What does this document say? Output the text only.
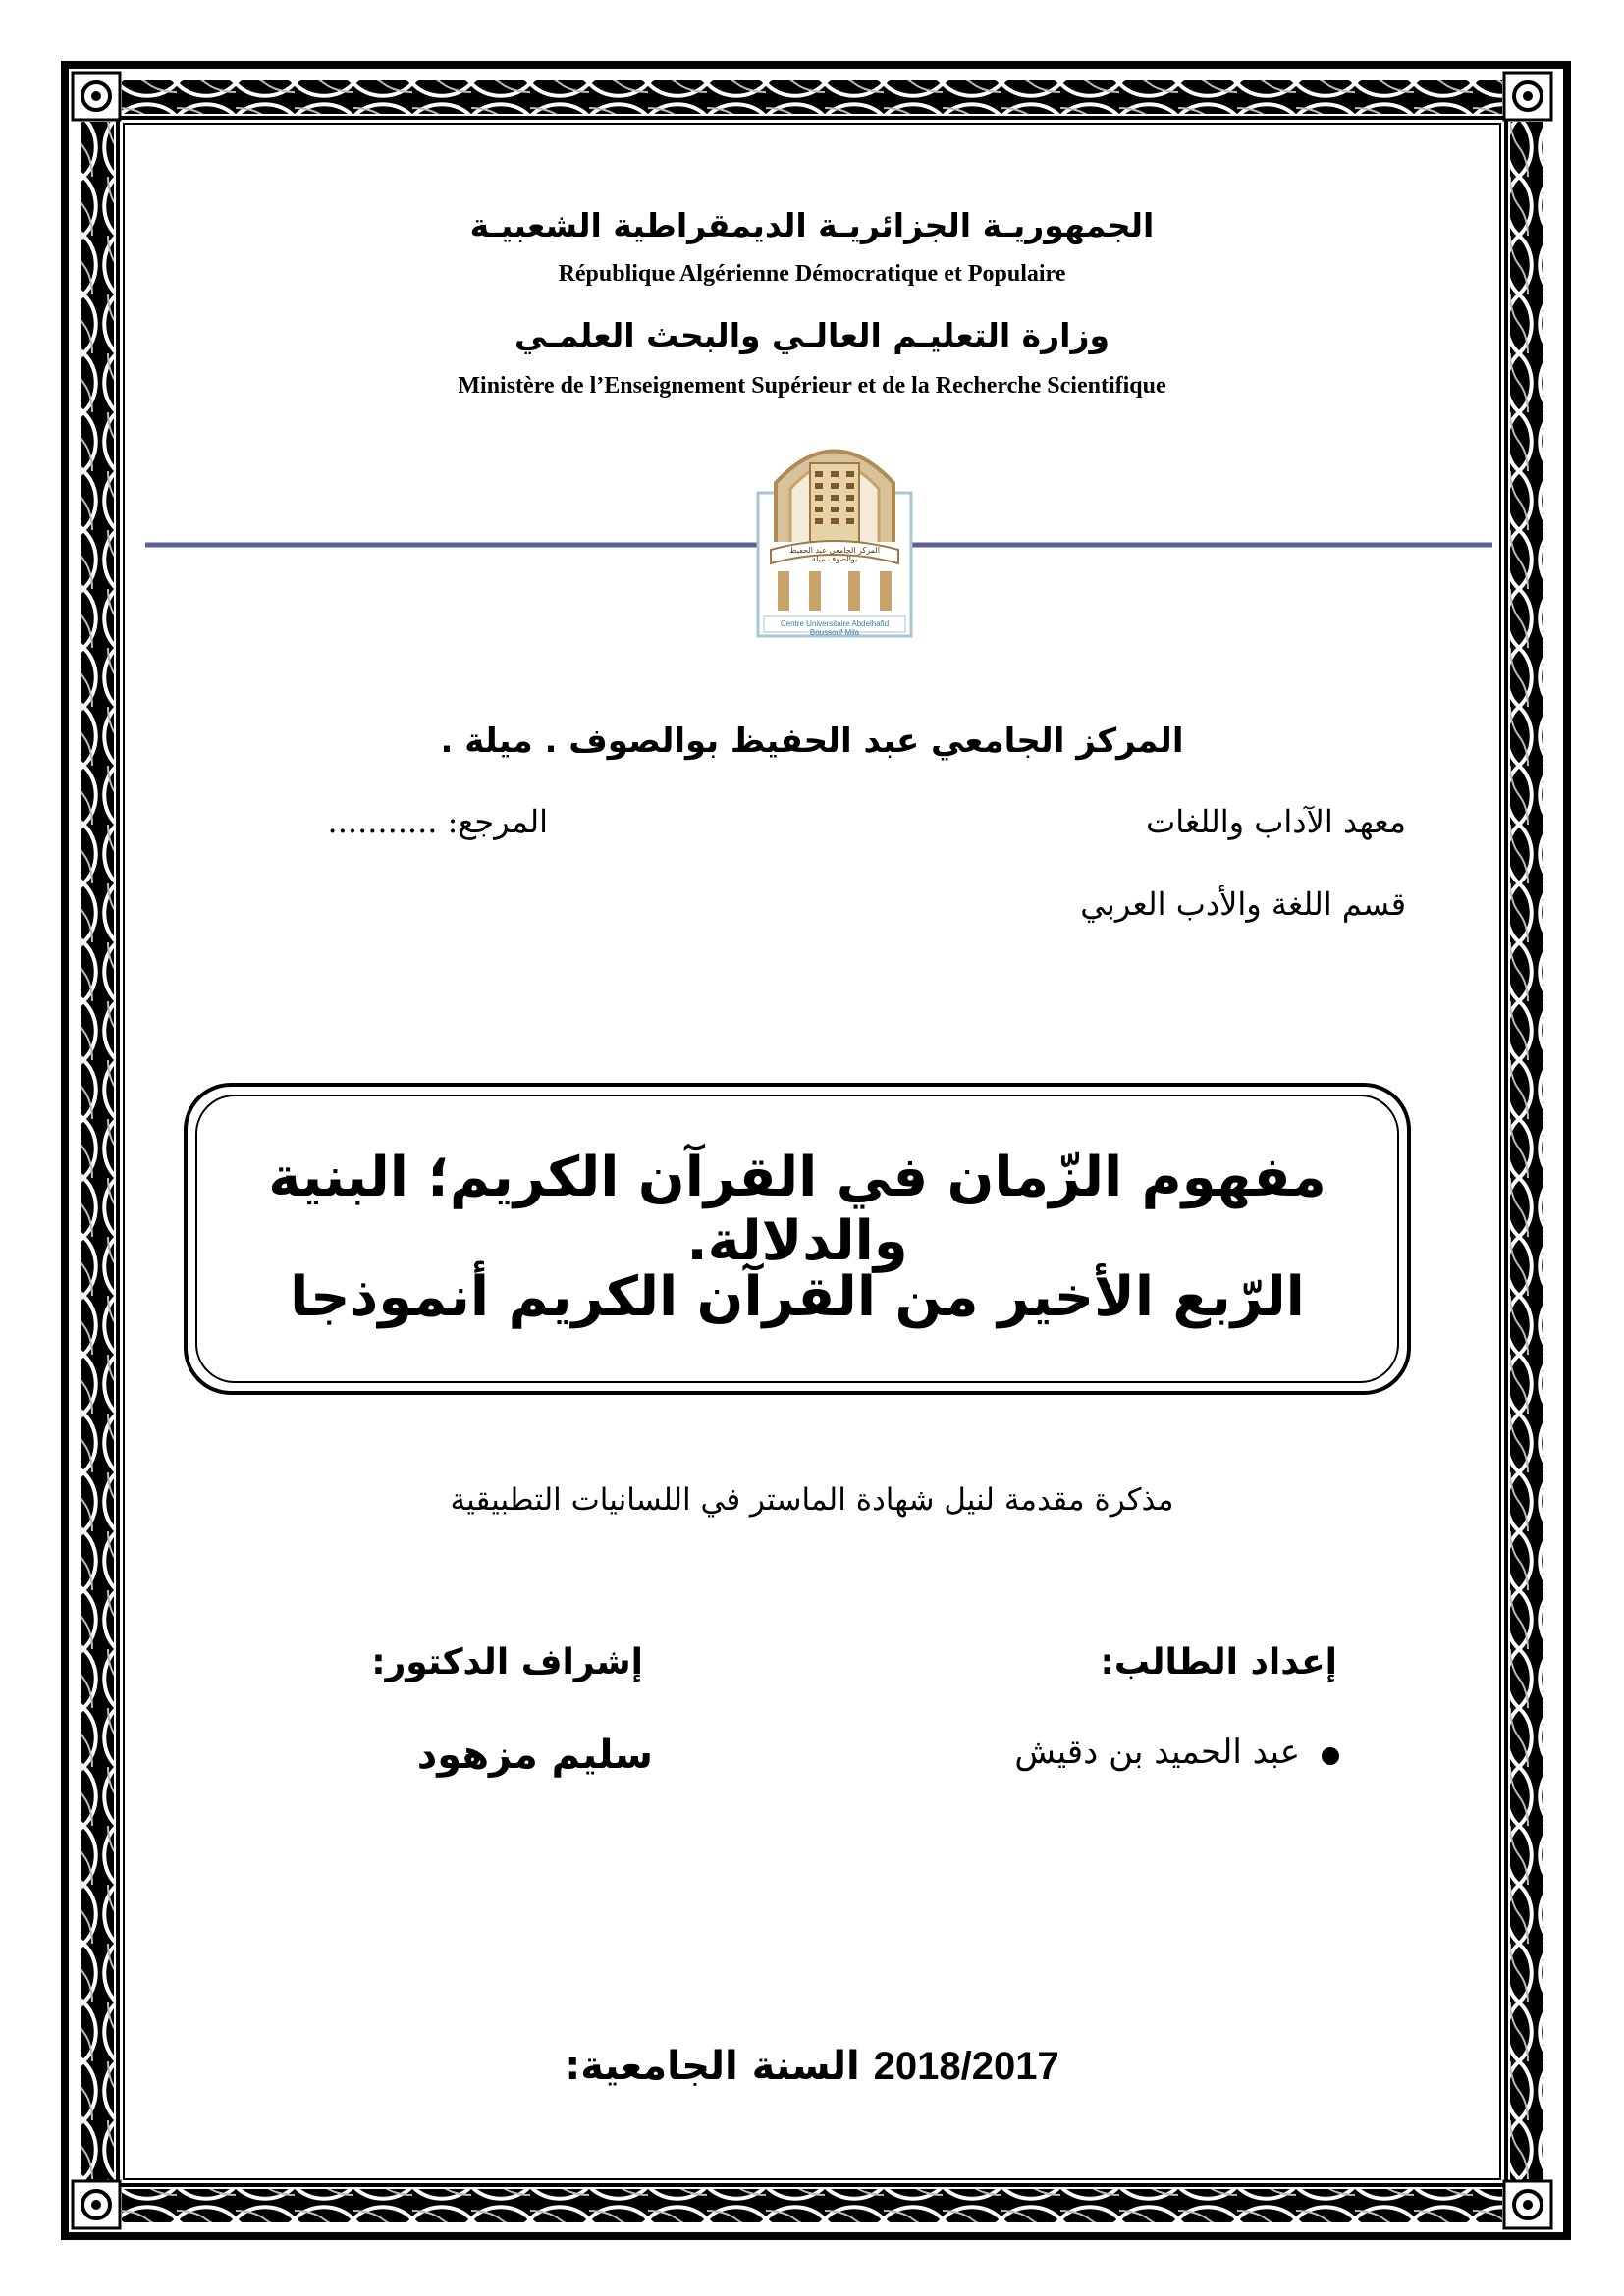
الجمهوريـة الجزائريـة الديمقراطية الشعبيـة
République Algérienne Démocratique et Populaire
وزارة التعليـم العالـي والبحث العلمـي
Ministère de l’Enseignement Supérieur et de la Recherche Scientifique
المركز الجامعي عبد الحفيظ بوالصوف ميلة
Centre Universitaire Abdelhafid Boussouf Mila
المركز الجامعي عبد الحفيظ بوالصوف . ميلة .
معهد الآداب واللغات
المرجع: ...........
قسم اللغة والأدب العربي
مفهوم الزّمان في القرآن الكريم؛ البنية والدلالة.
الرّبع الأخير من القرآن الكريم أنموذجا
مذكرة مقدمة لنيل شهادة الماستر في اللسانيات التطبيقية
إعداد الطالب:
إشراف الدكتور:
عبد الحميد بن دقيش
سليم مزهود
السنة الجامعية: 2018/2017
